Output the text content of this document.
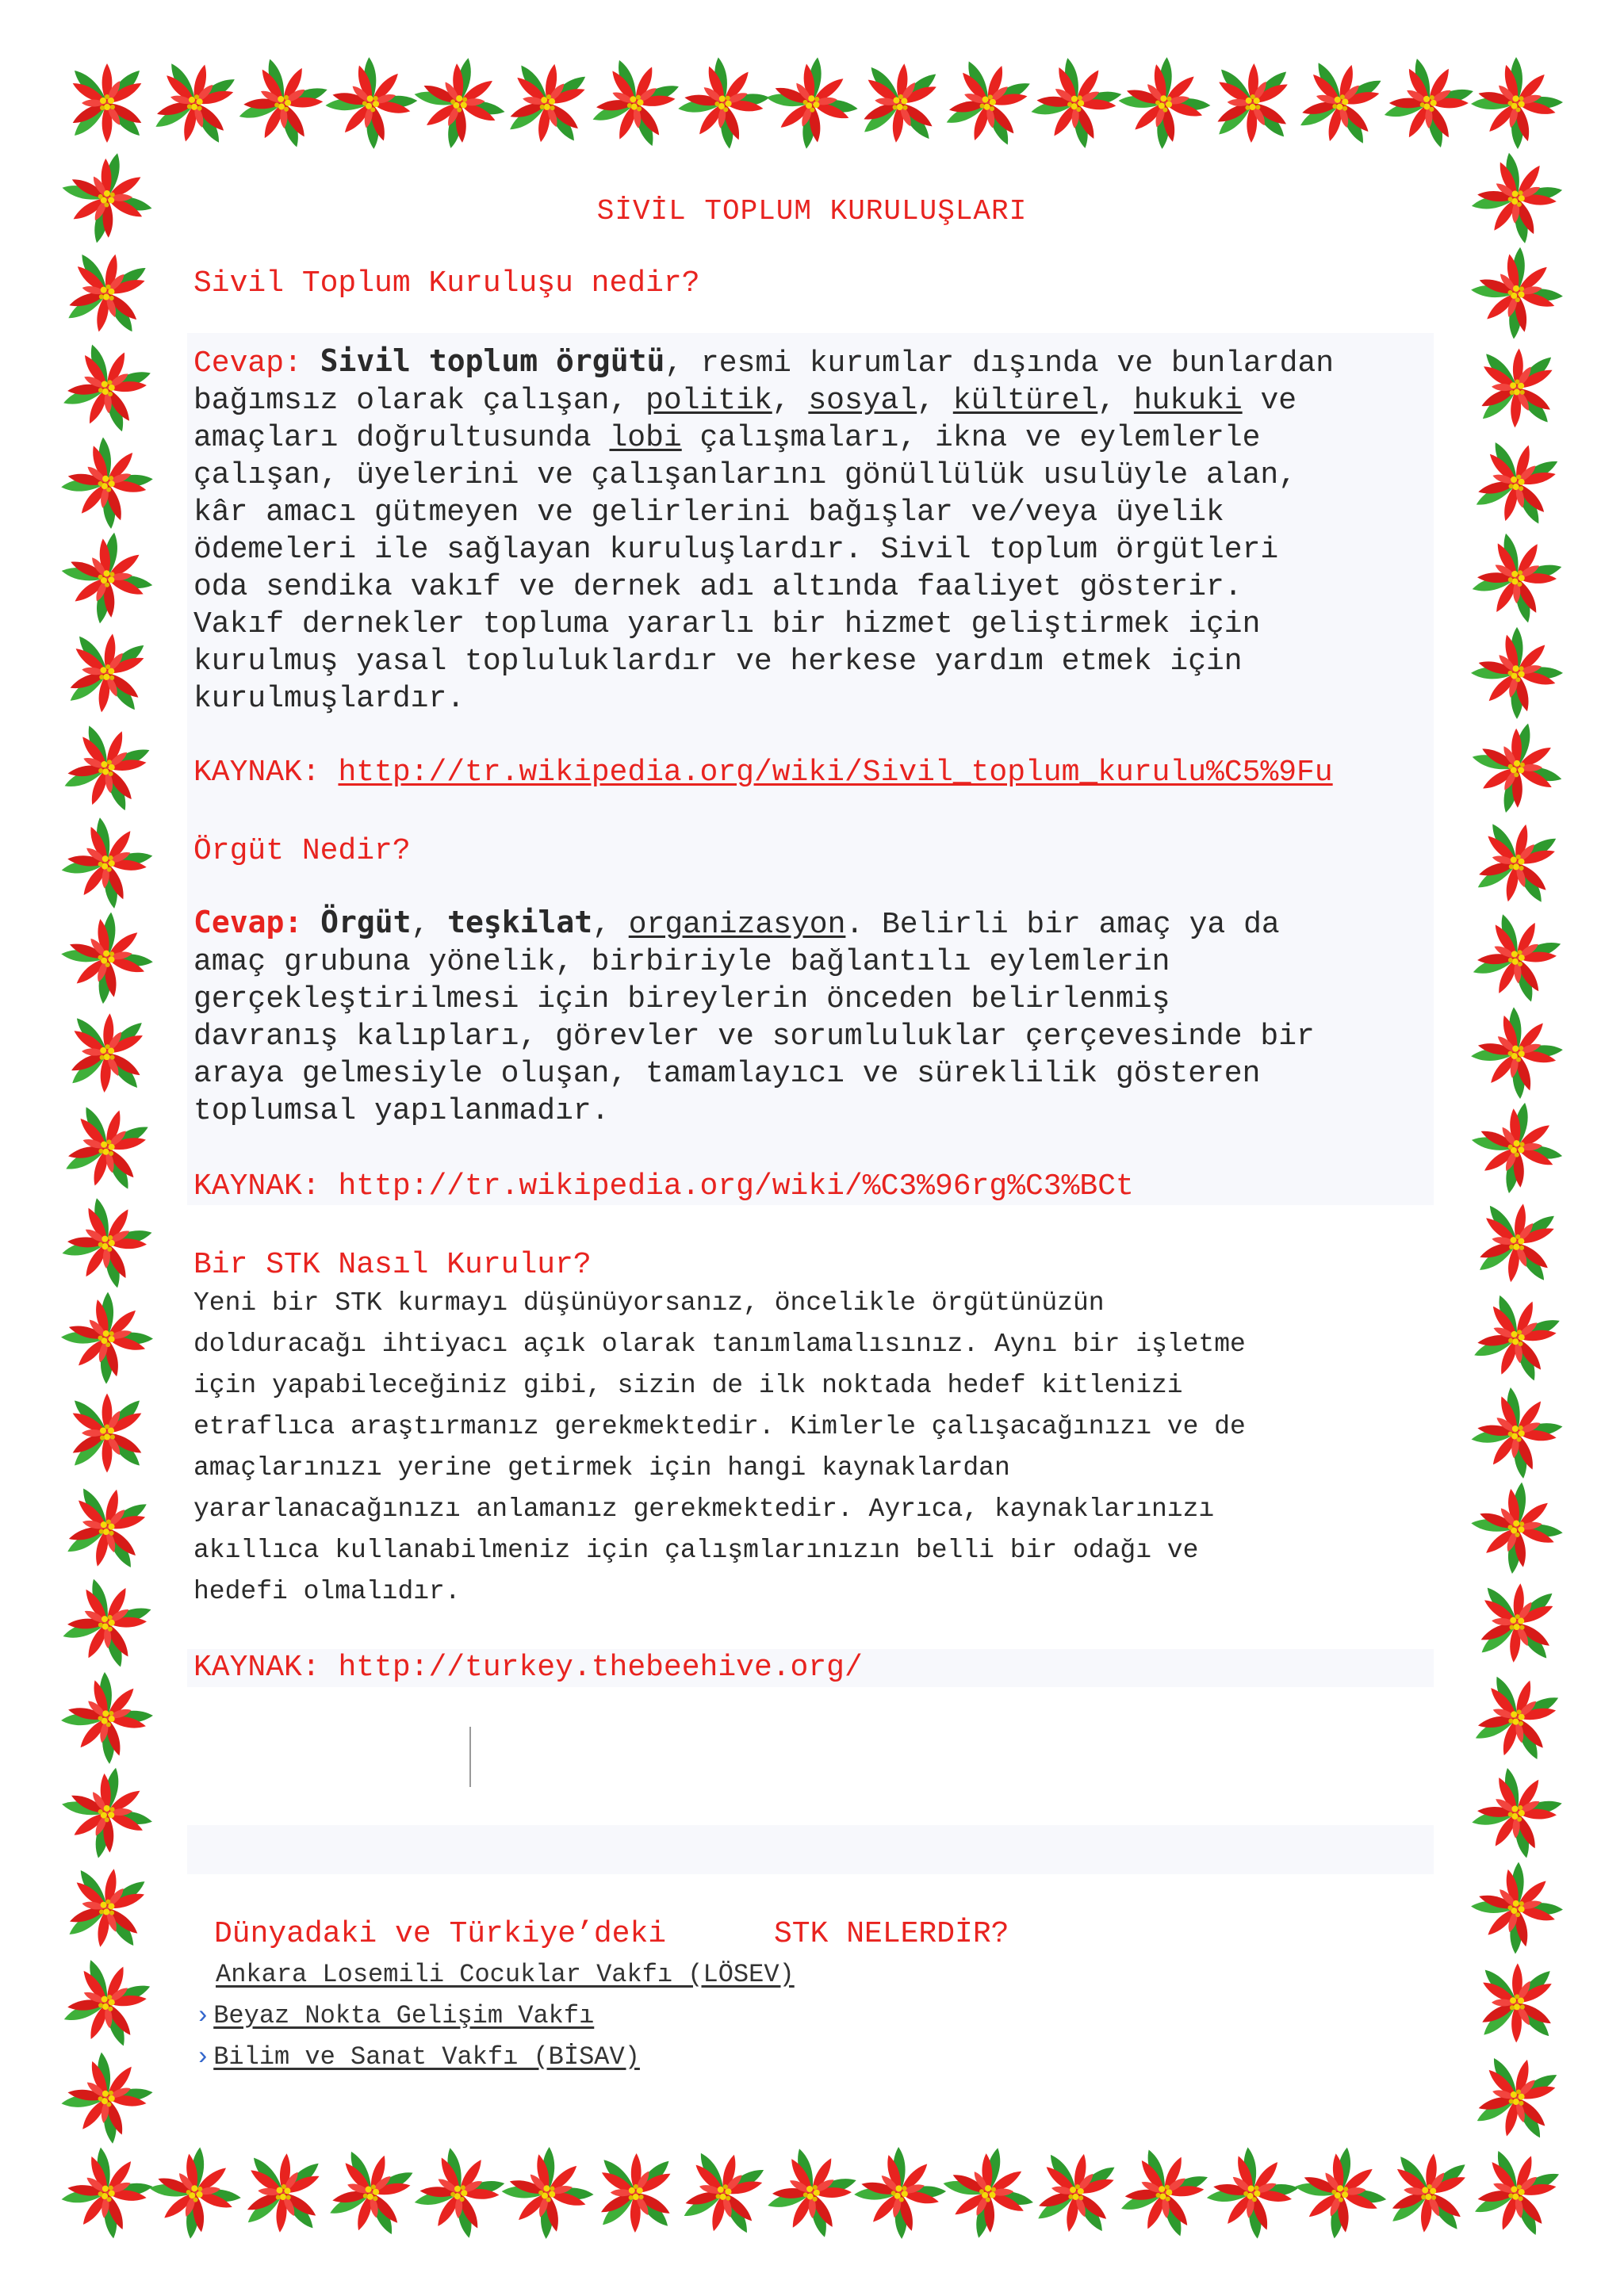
SİVİL TOPLUM KURULUŞLARI
Sivil Toplum Kuruluşu nedir?
Cevap: Sivil toplum örgütü, resmi kurumlar dışında ve bunlardan
bağımsız olarak çalışan, politik, sosyal, kültürel, hukuki ve
amaçları doğrultusunda lobi çalışmaları, ikna ve eylemlerle
çalışan, üyelerini ve çalışanlarını gönüllülük usulüyle alan,
kâr amacı gütmeyen ve gelirlerini bağışlar ve/veya üyelik
ödemeleri ile sağlayan kuruluşlardır. Sivil toplum örgütleri
oda sendika vakıf ve dernek adı altında faaliyet gösterir.
Vakıf dernekler topluma yararlı bir hizmet geliştirmek için
kurulmuş yasal topluluklardır ve herkese yardım etmek için
kurulmuşlardır.
KAYNAK: http://tr.wikipedia.org/wiki/Sivil_toplum_kurulu%C5%9Fu
Örgüt Nedir?
Cevap: Örgüt, teşkilat, organizasyon. Belirli bir amaç ya da
amaç grubuna yönelik, birbiriyle bağlantılı eylemlerin
gerçekleştirilmesi için bireylerin önceden belirlenmiş
davranış kalıpları, görevler ve sorumluluklar çerçevesinde bir
araya gelmesiyle oluşan, tamamlayıcı ve süreklilik gösteren
toplumsal yapılanmadır.
KAYNAK: http://tr.wikipedia.org/wiki/%C3%96rg%C3%BCt
Bir STK Nasıl Kurulur?
Yeni bir STK kurmayı düşünüyorsanız, öncelikle örgütünüzün
dolduracağı ihtiyacı açık olarak tanımlamalısınız. Aynı bir işletme
için yapabileceğiniz gibi, sizin de ilk noktada hedef kitlenizi
etraflıca araştırmanız gerekmektedir. Kimlerle çalışacağınızı ve de
amaçlarınızı yerine getirmek için hangi kaynaklardan
yararlanacağınızı anlamanız gerekmektedir. Ayrıca, kaynaklarınızı
akıllıca kullanabilmeniz için çalışmlarınızın belli bir odağı ve
hedefi olmalıdır.
KAYNAK: http://turkey.thebeehive.org/
Dünyadaki ve Türkiye’deki	STK NELERDİR?
Ankara Losemili Cocuklar Vakfı (LÖSEV)
› Beyaz Nokta Gelişim Vakfı
› Bilim ve Sanat Vakfı (BİSAV)
